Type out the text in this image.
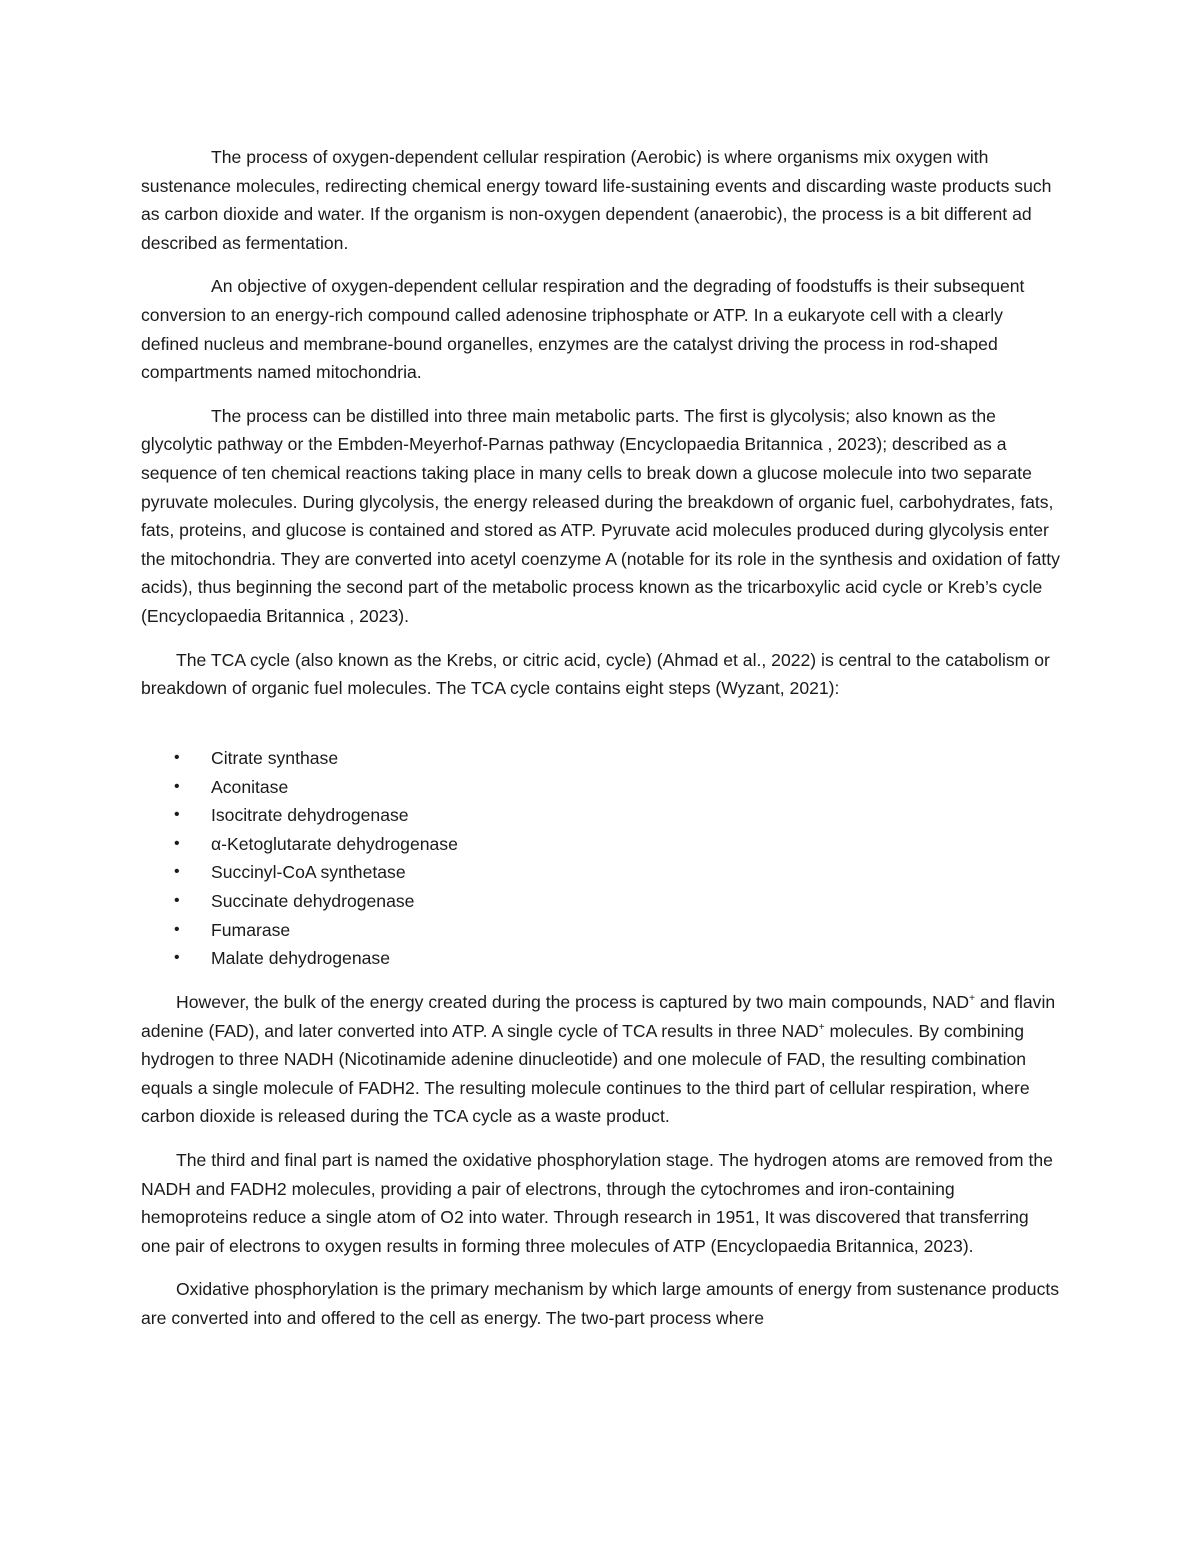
The process of oxygen-dependent cellular respiration (Aerobic) is where organisms mix oxygen with sustenance molecules, redirecting chemical energy toward life-sustaining events and discarding waste products such as carbon dioxide and water. If the organism is non-oxygen dependent (anaerobic), the process is a bit different ad described as fermentation.

An objective of oxygen-dependent cellular respiration and the degrading of foodstuffs is their subsequent conversion to an energy-rich compound called adenosine triphosphate or ATP. In a eukaryote cell with a clearly defined nucleus and membrane-bound organelles, enzymes are the catalyst driving the process in rod-shaped compartments named mitochondria.

The process can be distilled into three main metabolic parts. The first is glycolysis; also known as the glycolytic pathway or the Embden-Meyerhof-Parnas pathway (Encyclopaedia Britannica , 2023); described as a sequence of ten chemical reactions taking place in many cells to break down a glucose molecule into two separate pyruvate molecules. During glycolysis, the energy released during the breakdown of organic fuel, carbohydrates, fats, fats, proteins, and glucose is contained and stored as ATP. Pyruvate acid molecules produced during glycolysis enter the mitochondria. They are converted into acetyl coenzyme A (notable for its role in the synthesis and oxidation of fatty acids), thus beginning the second part of the metabolic process known as the tricarboxylic acid cycle or Kreb’s cycle (Encyclopaedia Britannica , 2023).

The TCA cycle (also known as the Krebs, or citric acid, cycle) (Ahmad et al., 2022) is central to the catabolism or breakdown of organic fuel molecules. The TCA cycle contains eight steps (Wyzant, 2021):

• Citrate synthase
• Aconitase
• Isocitrate dehydrogenase
• α-Ketoglutarate dehydrogenase
• Succinyl-CoA synthetase
• Succinate dehydrogenase
• Fumarase
• Malate dehydrogenase

However, the bulk of the energy created during the process is captured by two main compounds, NAD+ and flavin adenine (FAD), and later converted into ATP. A single cycle of TCA results in three NAD+ molecules. By combining hydrogen to three NADH (Nicotinamide adenine dinucleotide) and one molecule of FAD, the resulting combination equals a single molecule of FADH2. The resulting molecule continues to the third part of cellular respiration, where carbon dioxide is released during the TCA cycle as a waste product.

The third and final part is named the oxidative phosphorylation stage. The hydrogen atoms are removed from the NADH and FADH2 molecules, providing a pair of electrons, through the cytochromes and iron-containing hemoproteins reduce a single atom of O2 into water. Through research in 1951, It was discovered that transferring one pair of electrons to oxygen results in forming three molecules of ATP (Encyclopaedia Britannica, 2023).

Oxidative phosphorylation is the primary mechanism by which large amounts of energy from sustenance products are converted into and offered to the cell as energy. The two-part process where
